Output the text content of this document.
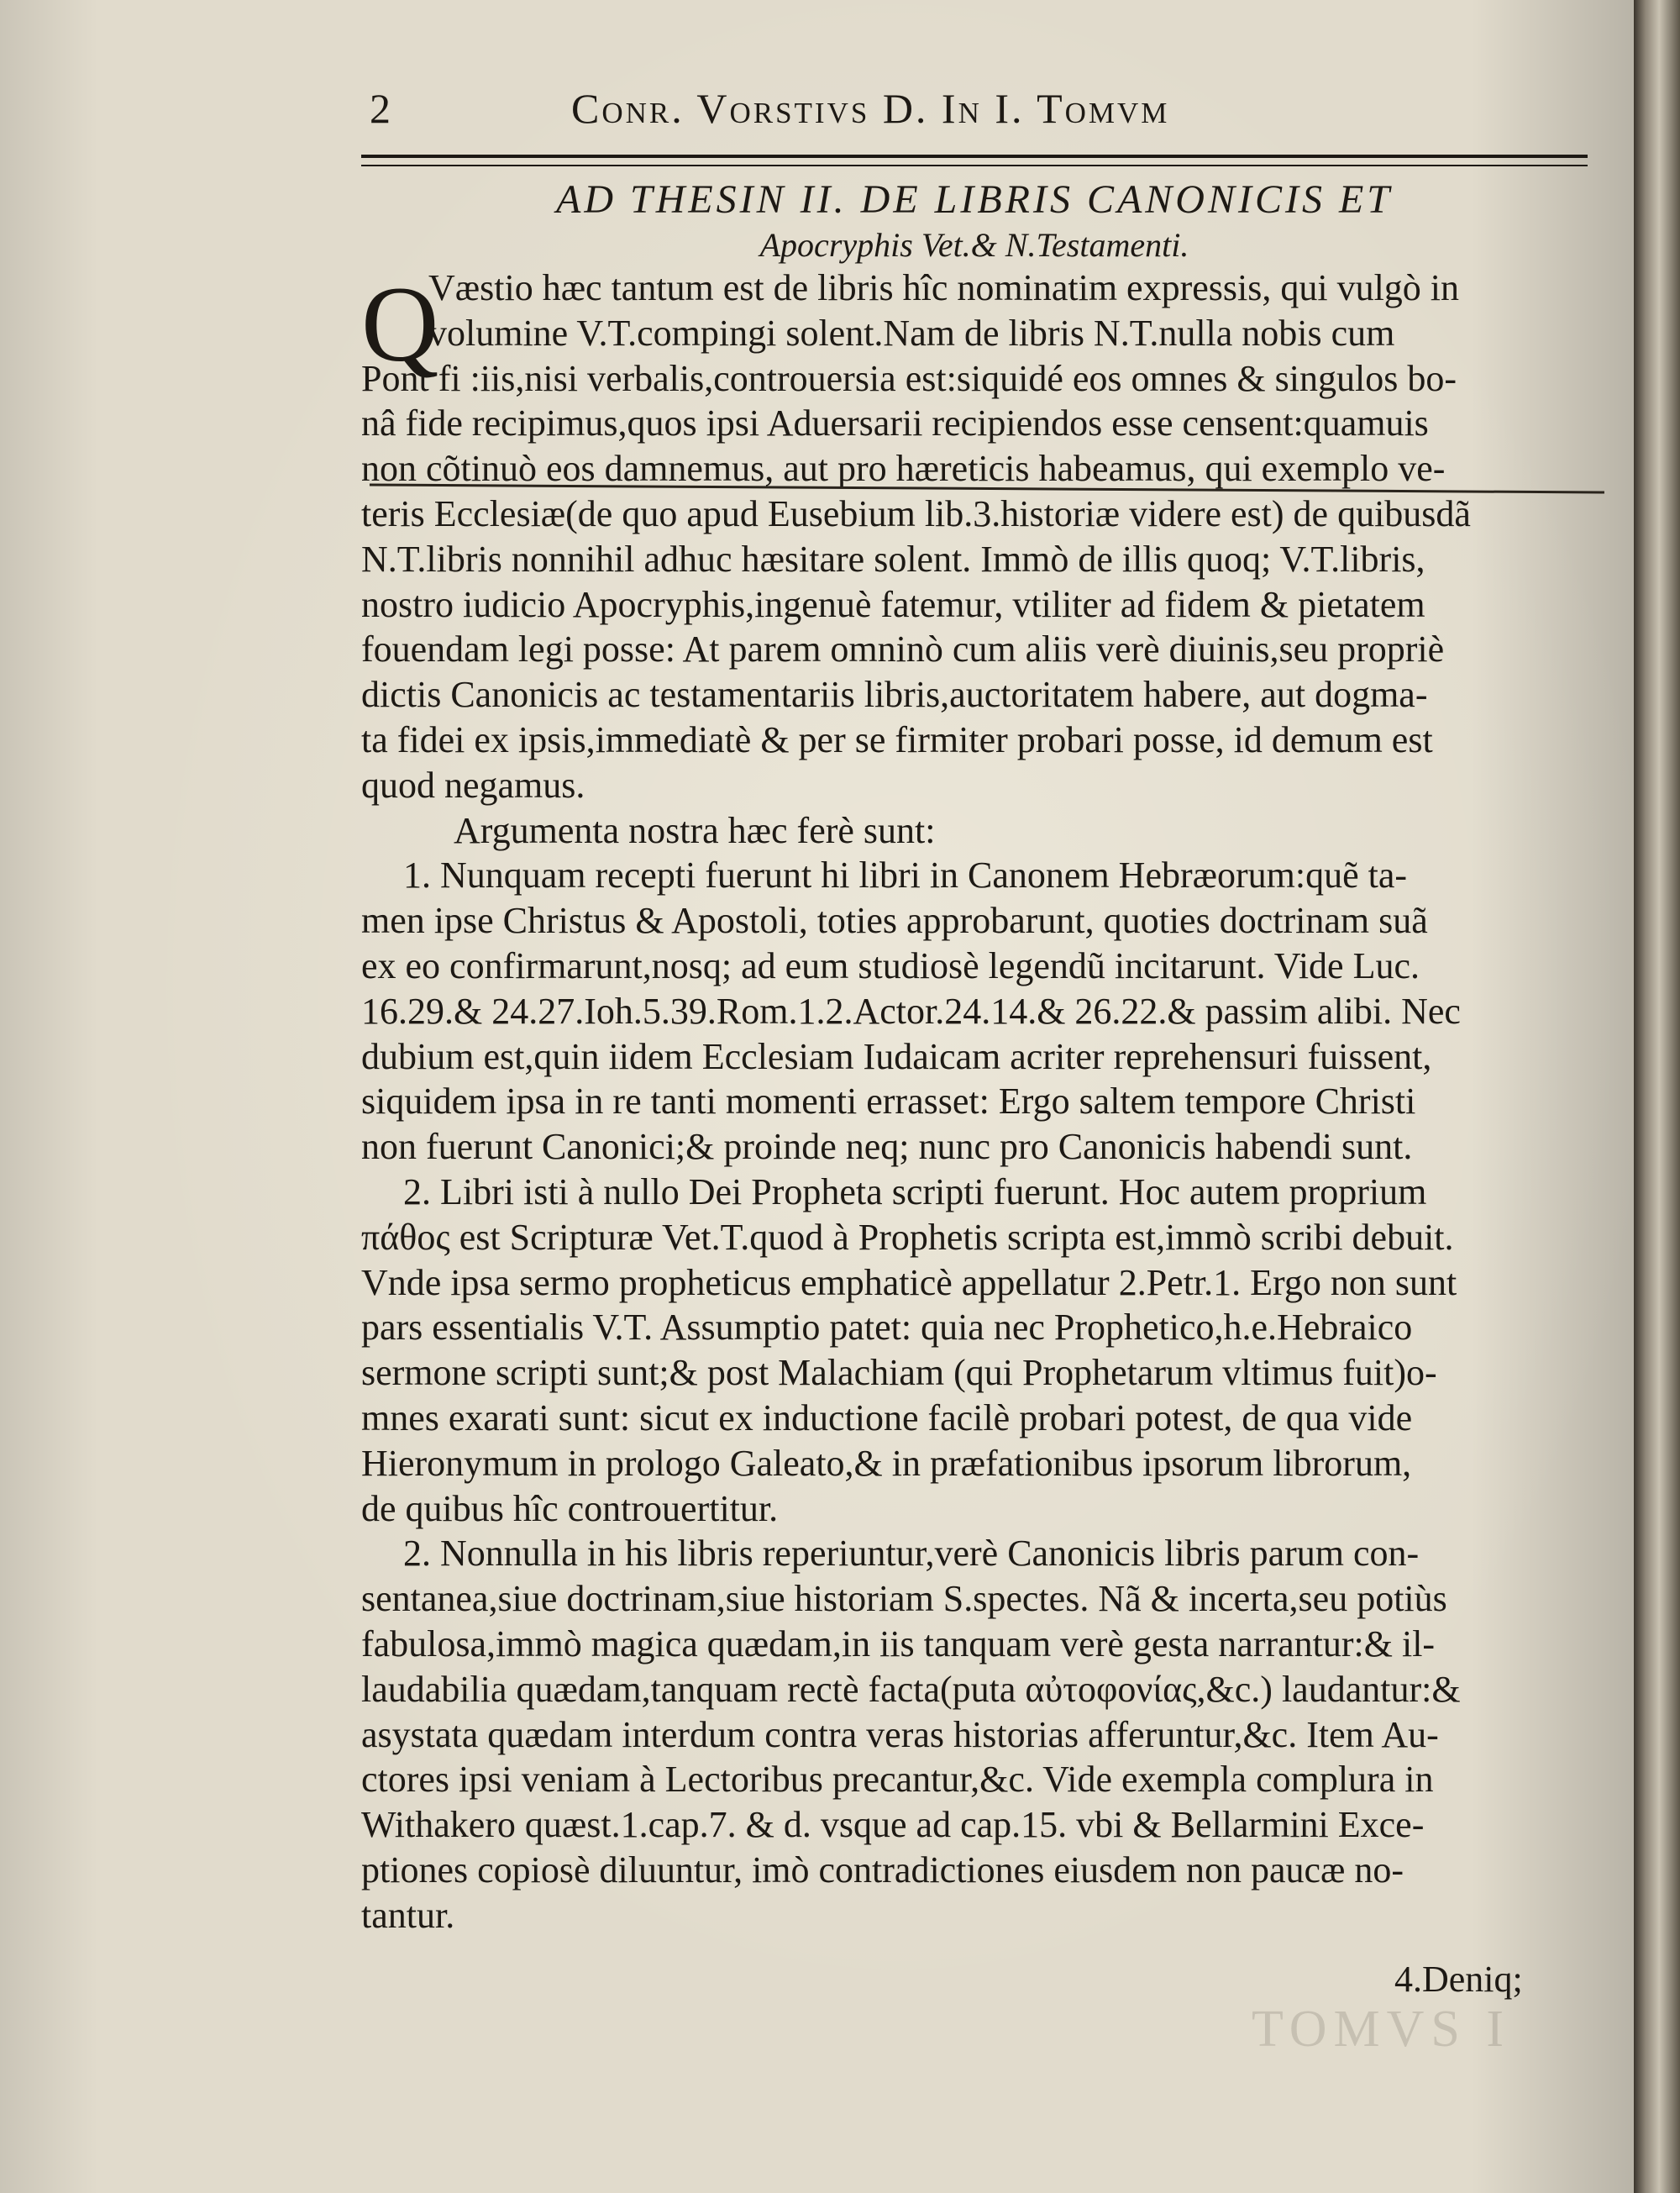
2	Conr. Vorstivs D. In I. Tomvm
AD THESIN II. DE LIBRIS CANONICIS ET
Apocryphis Vet.& N.Testamenti.
Q
Væstio hæc tantum est de libris hîc nominatim expressis, qui vulgò in
volumine V.T.compingi solent.Nam de libris N.T.nulla nobis cum
Pont fi :iis,nisi verbalis,controuersia est:siquidé eos omnes & singulos bo-
nâ fide recipimus,quos ipsi Aduersarii recipiendos esse censent:quamuis
non cõtinuò eos damnemus, aut pro hæreticis habeamus, qui exemplo ve-
teris Ecclesiæ(de quo apud Eusebium lib.3.historiæ videre est) de quibusdã
N.T.libris nonnihil adhuc hæsitare solent. Immò de illis quoq; V.T.libris,
nostro iudicio Apocryphis,ingenuè fatemur, vtiliter ad fidem & pietatem
fouendam legi posse: At parem omninò cum aliis verè diuinis,seu propriè
dictis Canonicis ac testamentariis libris,auctoritatem habere, aut dogma-
ta fidei ex ipsis,immediatè & per se firmiter probari posse, id demum est
quod negamus.
Argumenta nostra hæc ferè sunt:
1. Nunquam recepti fuerunt hi libri in Canonem Hebræorum:quẽ ta-
men ipse Christus & Apostoli, toties approbarunt, quoties doctrinam suã
ex eo confirmarunt,nosq; ad eum studiosè legendũ incitarunt. Vide Luc.
16.29.& 24.27.Ioh.5.39.Rom.1.2.Actor.24.14.& 26.22.& passim alibi. Nec
dubium est,quin iidem Ecclesiam Iudaicam acriter reprehensuri fuissent,
siquidem ipsa in re tanti momenti errasset: Ergo saltem tempore Christi
non fuerunt Canonici;& proinde neq; nunc pro Canonicis habendi sunt.
2. Libri isti à nullo Dei Propheta scripti fuerunt. Hoc autem proprium
πάθος est Scripturæ Vet.T.quod à Prophetis scripta est,immò scribi debuit.
Vnde ipsa sermo propheticus emphaticè appellatur 2.Petr.1. Ergo non sunt
pars essentialis V.T. Assumptio patet: quia nec Prophetico,h.e.Hebraico
sermone scripti sunt;& post Malachiam (qui Prophetarum vltimus fuit)o-
mnes exarati sunt: sicut ex inductione facilè probari potest, de qua vide
Hieronymum in prologo Galeato,& in præfationibus ipsorum librorum,
de quibus hîc controuertitur.
2. Nonnulla in his libris reperiuntur,verè Canonicis libris parum con-
sentanea,siue doctrinam,siue historiam S.spectes. Nã & incerta,seu potiùs
fabulosa,immò magica quædam,in iis tanquam verè gesta narrantur:& il-
laudabilia quædam,tanquam rectè facta(puta αὐτοφονίας,&c.) laudantur:&
asystata quædam interdum contra veras historias afferuntur,&c. Item Au-
ctores ipsi veniam à Lectoribus precantur,&c. Vide exempla complura in
Withakero quæst.1.cap.7. & d. vsque ad cap.15. vbi & Bellarmini Exce-
ptiones copiosè diluuntur, imò contradictiones eiusdem non paucæ no-
tantur.
4.Deniq;
TOMVS I
